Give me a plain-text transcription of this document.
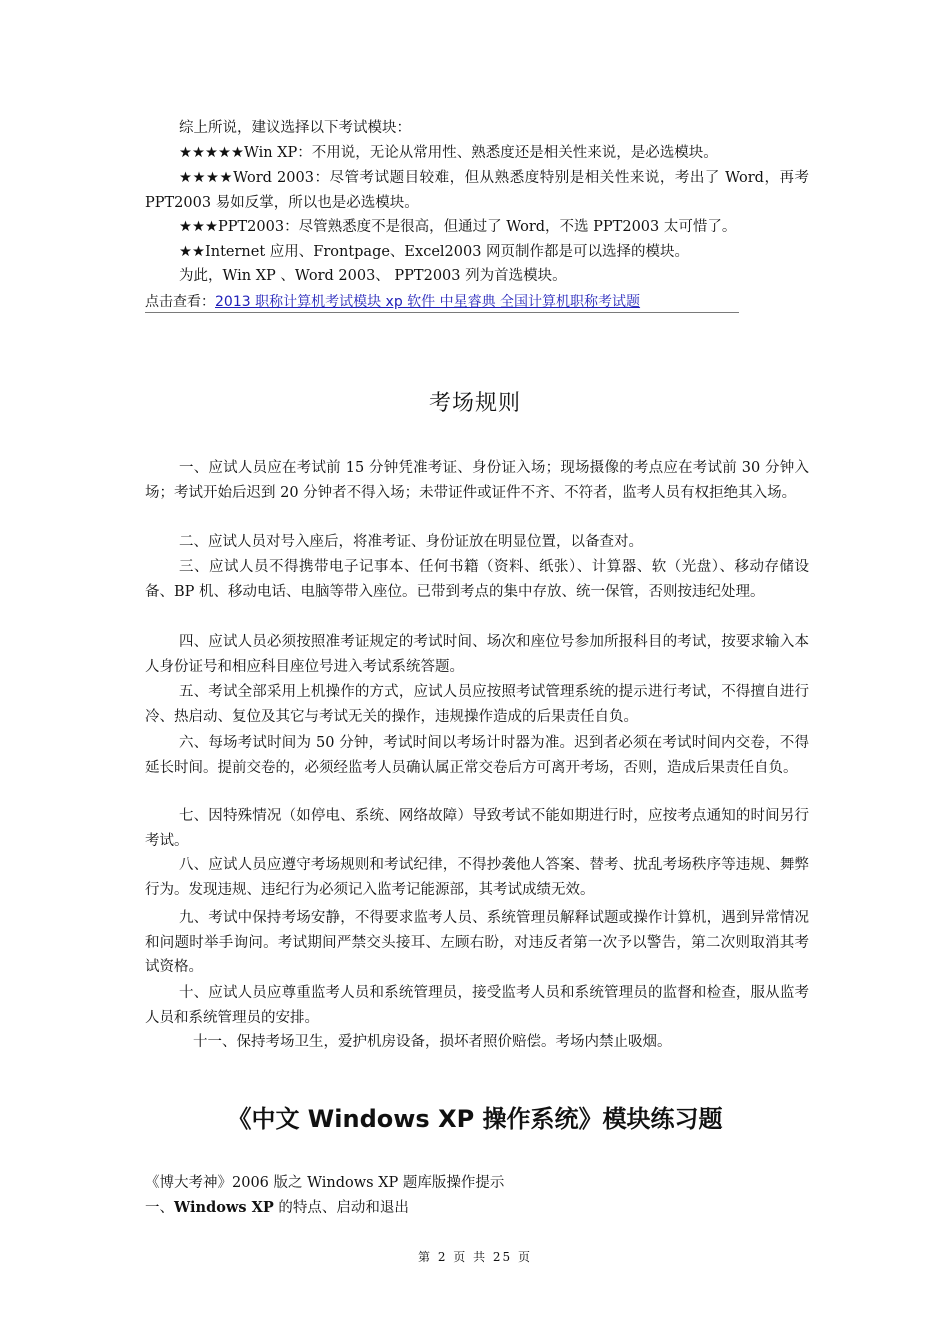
综上所说，建议选择以下考试模块：
★★★★★Win XP：不用说，无论从常用性、熟悉度还是相关性来说，是必选模块。
★★★★Word 2003：尽管考试题目较难，但从熟悉度特别是相关性来说，考出了 Word，再考 PPT2003 易如反掌，所以也是必选模块。
★★★PPT2003：尽管熟悉度不是很高，但通过了 Word，不选 PPT2003 太可惜了。
★★Internet 应用、Frontpage、Excel2003 网页制作都是可以选择的模块。
为此，Win XP 、Word 2003、 PPT2003 列为首选模块。
点击查看：2013 职称计算机考试模块 xp 软件 中星睿典 全国计算机职称考试题
考场规则
一、应试人员应在考试前 15 分钟凭准考证、身份证入场；现场摄像的考点应在考试前 30 分钟入场；考试开始后迟到 20 分钟者不得入场；未带证件或证件不齐、不符者，监考人员有权拒绝其入场。
二、应试人员对号入座后，将准考证、身份证放在明显位置，以备查对。
三、应试人员不得携带电子记事本、任何书籍（资料、纸张）、计算器、软（光盘）、移动存储设备、BP 机、移动电话、电脑等带入座位。已带到考点的集中存放、统一保管，否则按违纪处理。
四、应试人员必须按照准考证规定的考试时间、场次和座位号参加所报科目的考试，按要求输入本人身份证号和相应科目座位号进入考试系统答题。
五、考试全部采用上机操作的方式，应试人员应按照考试管理系统的提示进行考试，不得擅自进行冷、热启动、复位及其它与考试无关的操作，违规操作造成的后果责任自负。
六、每场考试时间为 50 分钟，考试时间以考场计时器为准。迟到者必须在考试时间内交卷，不得延长时间。提前交卷的，必须经监考人员确认属正常交卷后方可离开考场，否则，造成后果责任自负。
七、因特殊情况（如停电、系统、网络故障）导致考试不能如期进行时，应按考点通知的时间另行考试。
八、应试人员应遵守考场规则和考试纪律，不得抄袭他人答案、替考、扰乱考场秩序等违规、舞弊行为。发现违规、违纪行为必须记入监考记能源部，其考试成绩无效。
九、考试中保持考场安静，不得要求监考人员、系统管理员解释试题或操作计算机，遇到异常情况和问题时举手询问。考试期间严禁交头接耳、左顾右盼，对违反者第一次予以警告，第二次则取消其考试资格。
十、应试人员应尊重监考人员和系统管理员，接受监考人员和系统管理员的监督和检查，服从监考人员和系统管理员的安排。
十一、保持考场卫生，爱护机房设备，损坏者照价赔偿。考场内禁止吸烟。
《中文 Windows XP 操作系统》模块练习题
《博大考神》2006 版之 Windows XP 题库版操作提示
一、Windows XP 的特点、启动和退出
第 2 页 共 25 页
